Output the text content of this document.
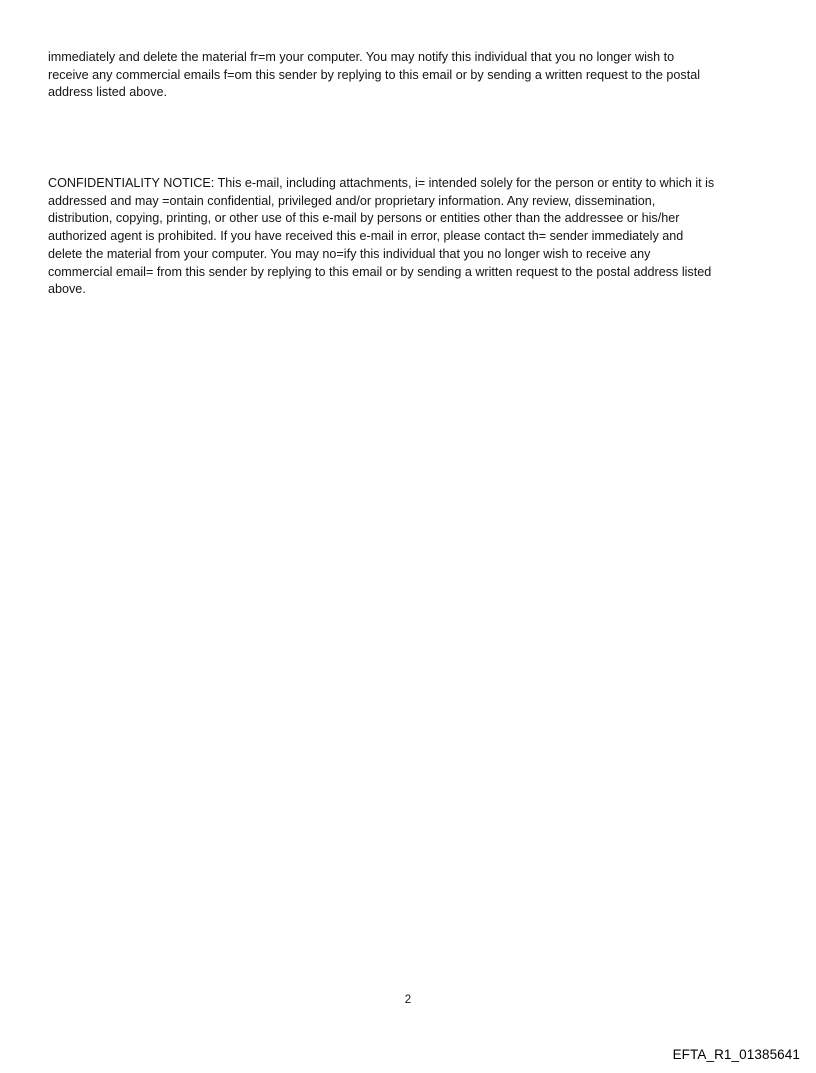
immediately and delete the material fr=m your computer. You may notify this individual that you no longer wish to
receive any commercial emails f=om this sender by replying to this email or by sending a written request to the postal
address listed above.

CONFIDENTIALITY NOTICE: This e-mail, including attachments, i= intended solely for the person or entity to which it is
addressed and may =ontain confidential, privileged and/or proprietary information. Any review, dissemination,
distribution, copying, printing, or other use of this e-mail by persons or entities other than the addressee or his/her
authorized agent is prohibited. If you have received this e-mail in error, please contact th= sender immediately and
delete the material from your computer. You may no=ify this individual that you no longer wish to receive any
commercial email= from this sender by replying to this email or by sending a written request to the postal address listed
above.

2
EFTA_R1_01385641
